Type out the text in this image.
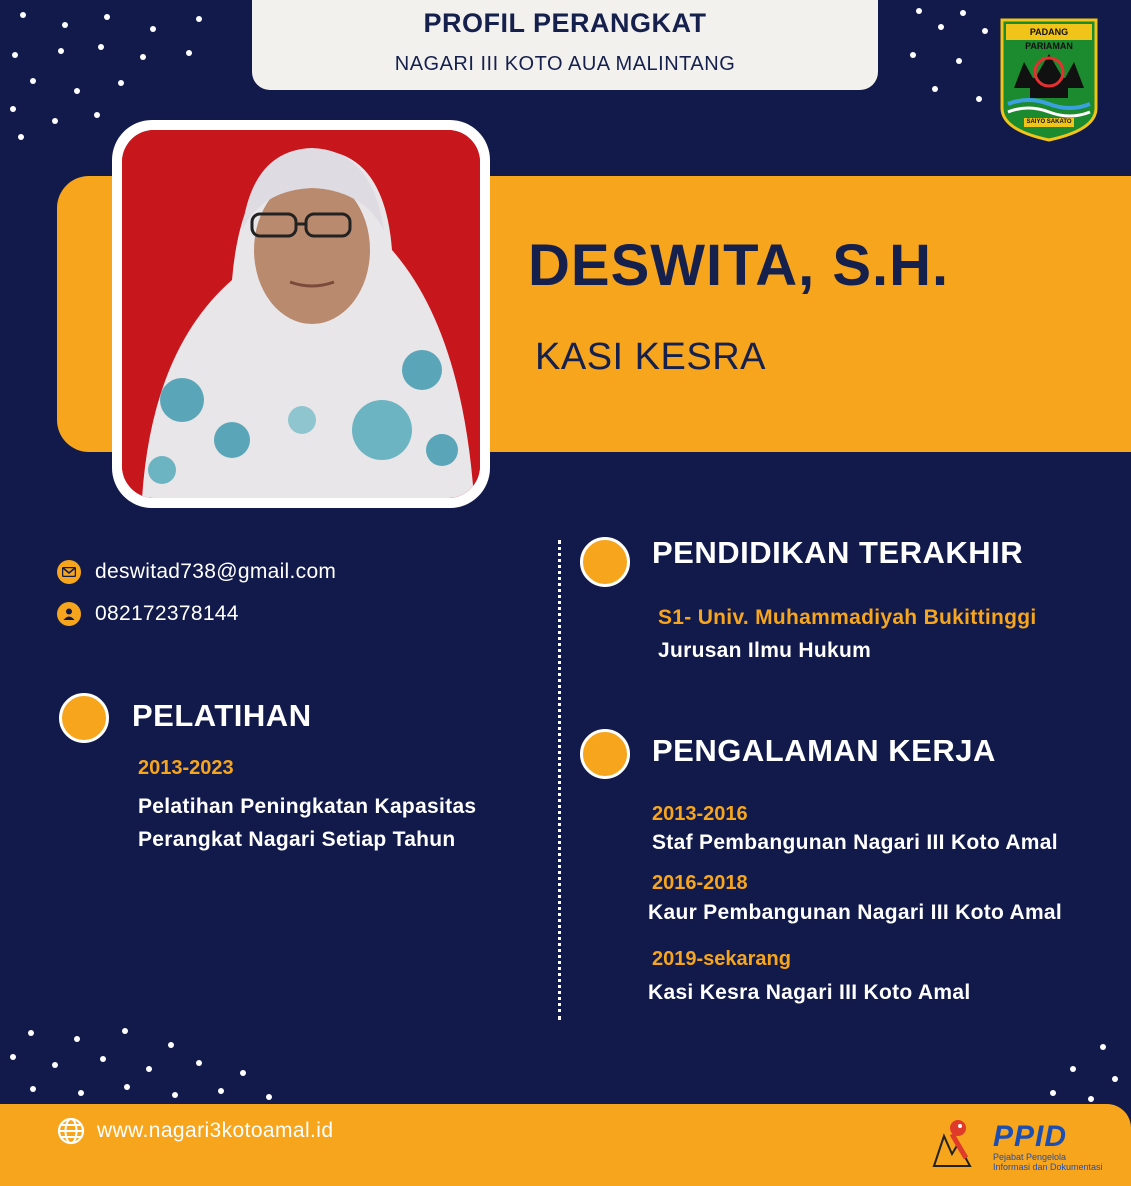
PROFIL PERANGKAT
NAGARI III KOTO AUA MALINTANG
PADANG PARIAMAN
SAIYO SAKATO
DESWITA, S.H.
KASI KESRA
deswitad738@gmail.com
082172378144
PELATIHAN
2013-2023
Pelatihan Peningkatan Kapasitas
Perangkat Nagari Setiap Tahun
PENDIDIKAN TERAKHIR
S1- Univ. Muhammadiyah Bukittinggi
Jurusan Ilmu Hukum
PENGALAMAN KERJA
2013-2016
Staf Pembangunan Nagari III Koto Amal
2016-2018
Kaur Pembangunan Nagari III Koto Amal
2019-sekarang
Kasi Kesra Nagari III Koto Amal
www.nagari3kotoamal.id	PPID
Pejabat Pengelola
Informasi dan Dokumentasi
